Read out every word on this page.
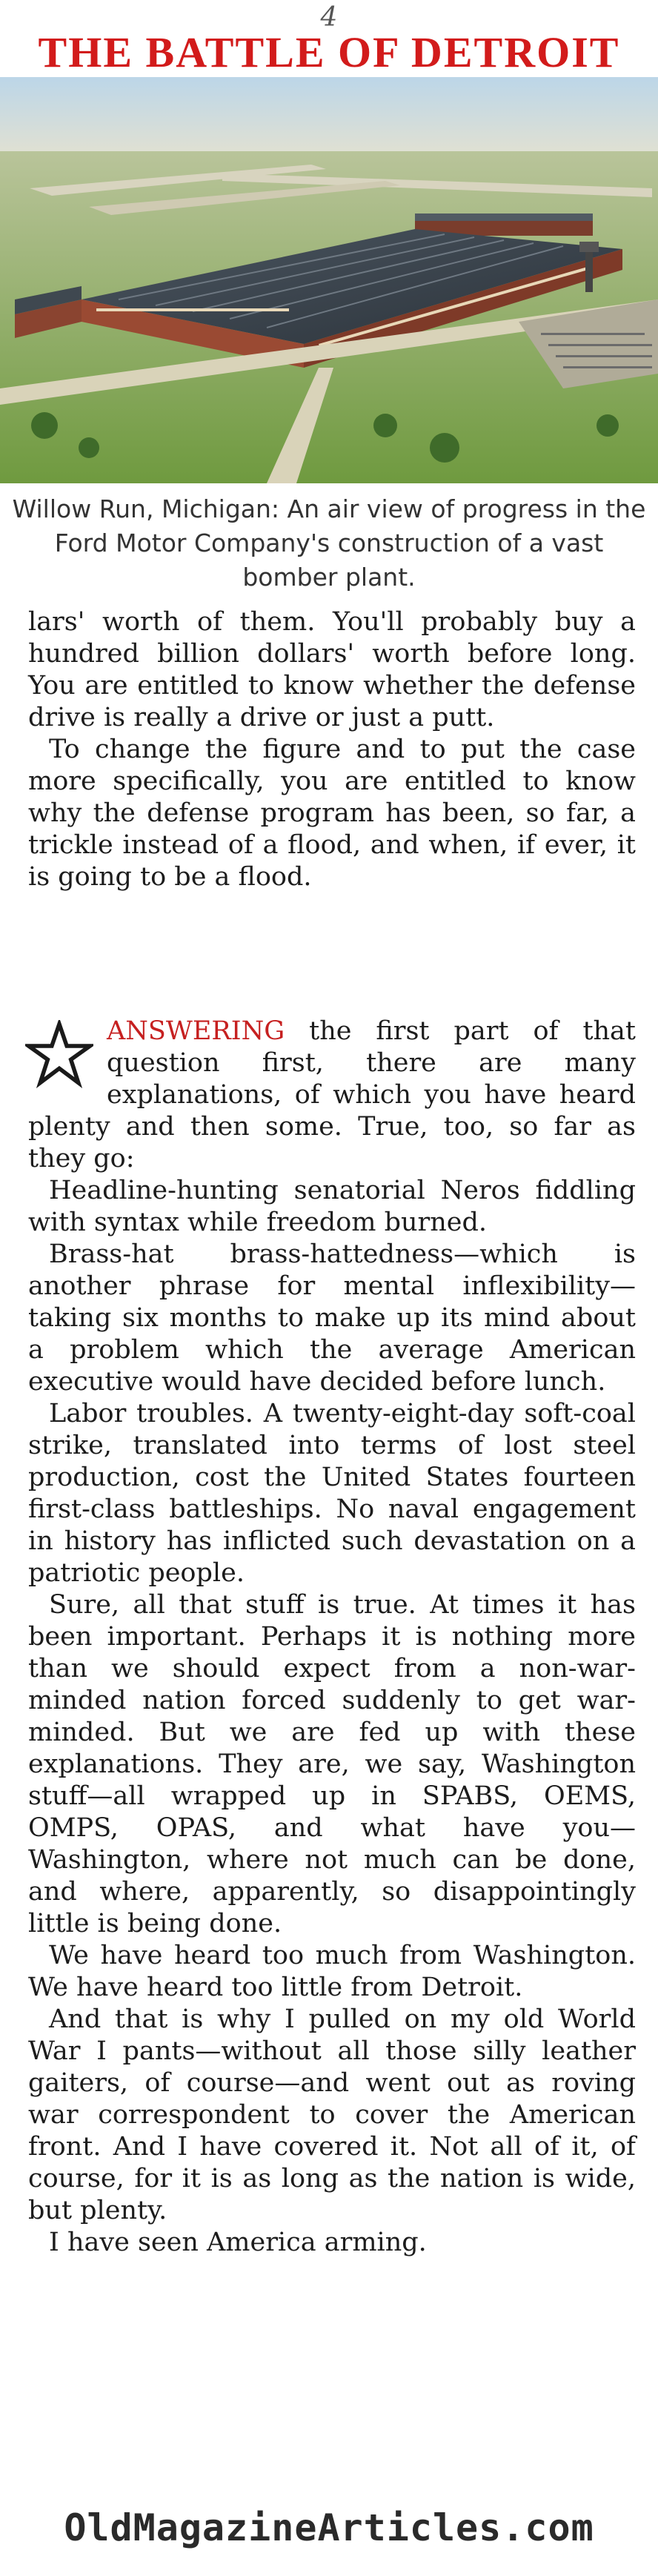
4
THE BATTLE OF DETROIT

Willow Run, Michigan: An air view of progress in the Ford Motor Company's construction of a vast bomber plant.

lars' worth of them. You'll probably buy a hundred billion dollars' worth before long. You are entitled to know whether the defense drive is really a drive or just a putt.

To change the figure and to put the case more specifically, you are entitled to know why the defense program has been, so far, a trickle instead of a flood, and when, if ever, it is going to be a flood.

ANSWERING the first part of that question first, there are many explanations, of which you have heard plenty and then some. True, too, so far as they go:

Headline-hunting senatorial Neros fiddling with syntax while freedom burned.

Brass-hat brass-hattedness—which is another phrase for mental inflexibility—taking six months to make up its mind about a problem which the average American executive would have decided before lunch.

Labor troubles. A twenty-eight-day soft-coal strike, translated into terms of lost steel production, cost the United States fourteen first-class battleships. No naval engagement in history has inflicted such devastation on a patriotic people.

Sure, all that stuff is true. At times it has been important. Perhaps it is nothing more than we should expect from a non-war-minded nation forced suddenly to get war-minded. But we are fed up with these explanations. They are, we say, Washington stuff—all wrapped up in SPABS, OEMS, OMPS, OPAS, and what have you—Washington, where not much can be done, and where, apparently, so disappointingly little is being done.

We have heard too much from Washington. We have heard too little from Detroit.

And that is why I pulled on my old World War I pants—without all those silly leather gaiters, of course—and went out as roving war correspondent to cover the American front. And I have covered it. Not all of it, of course, for it is as long as the nation is wide, but plenty.

I have seen America arming.

OldMagazineArticles.com
